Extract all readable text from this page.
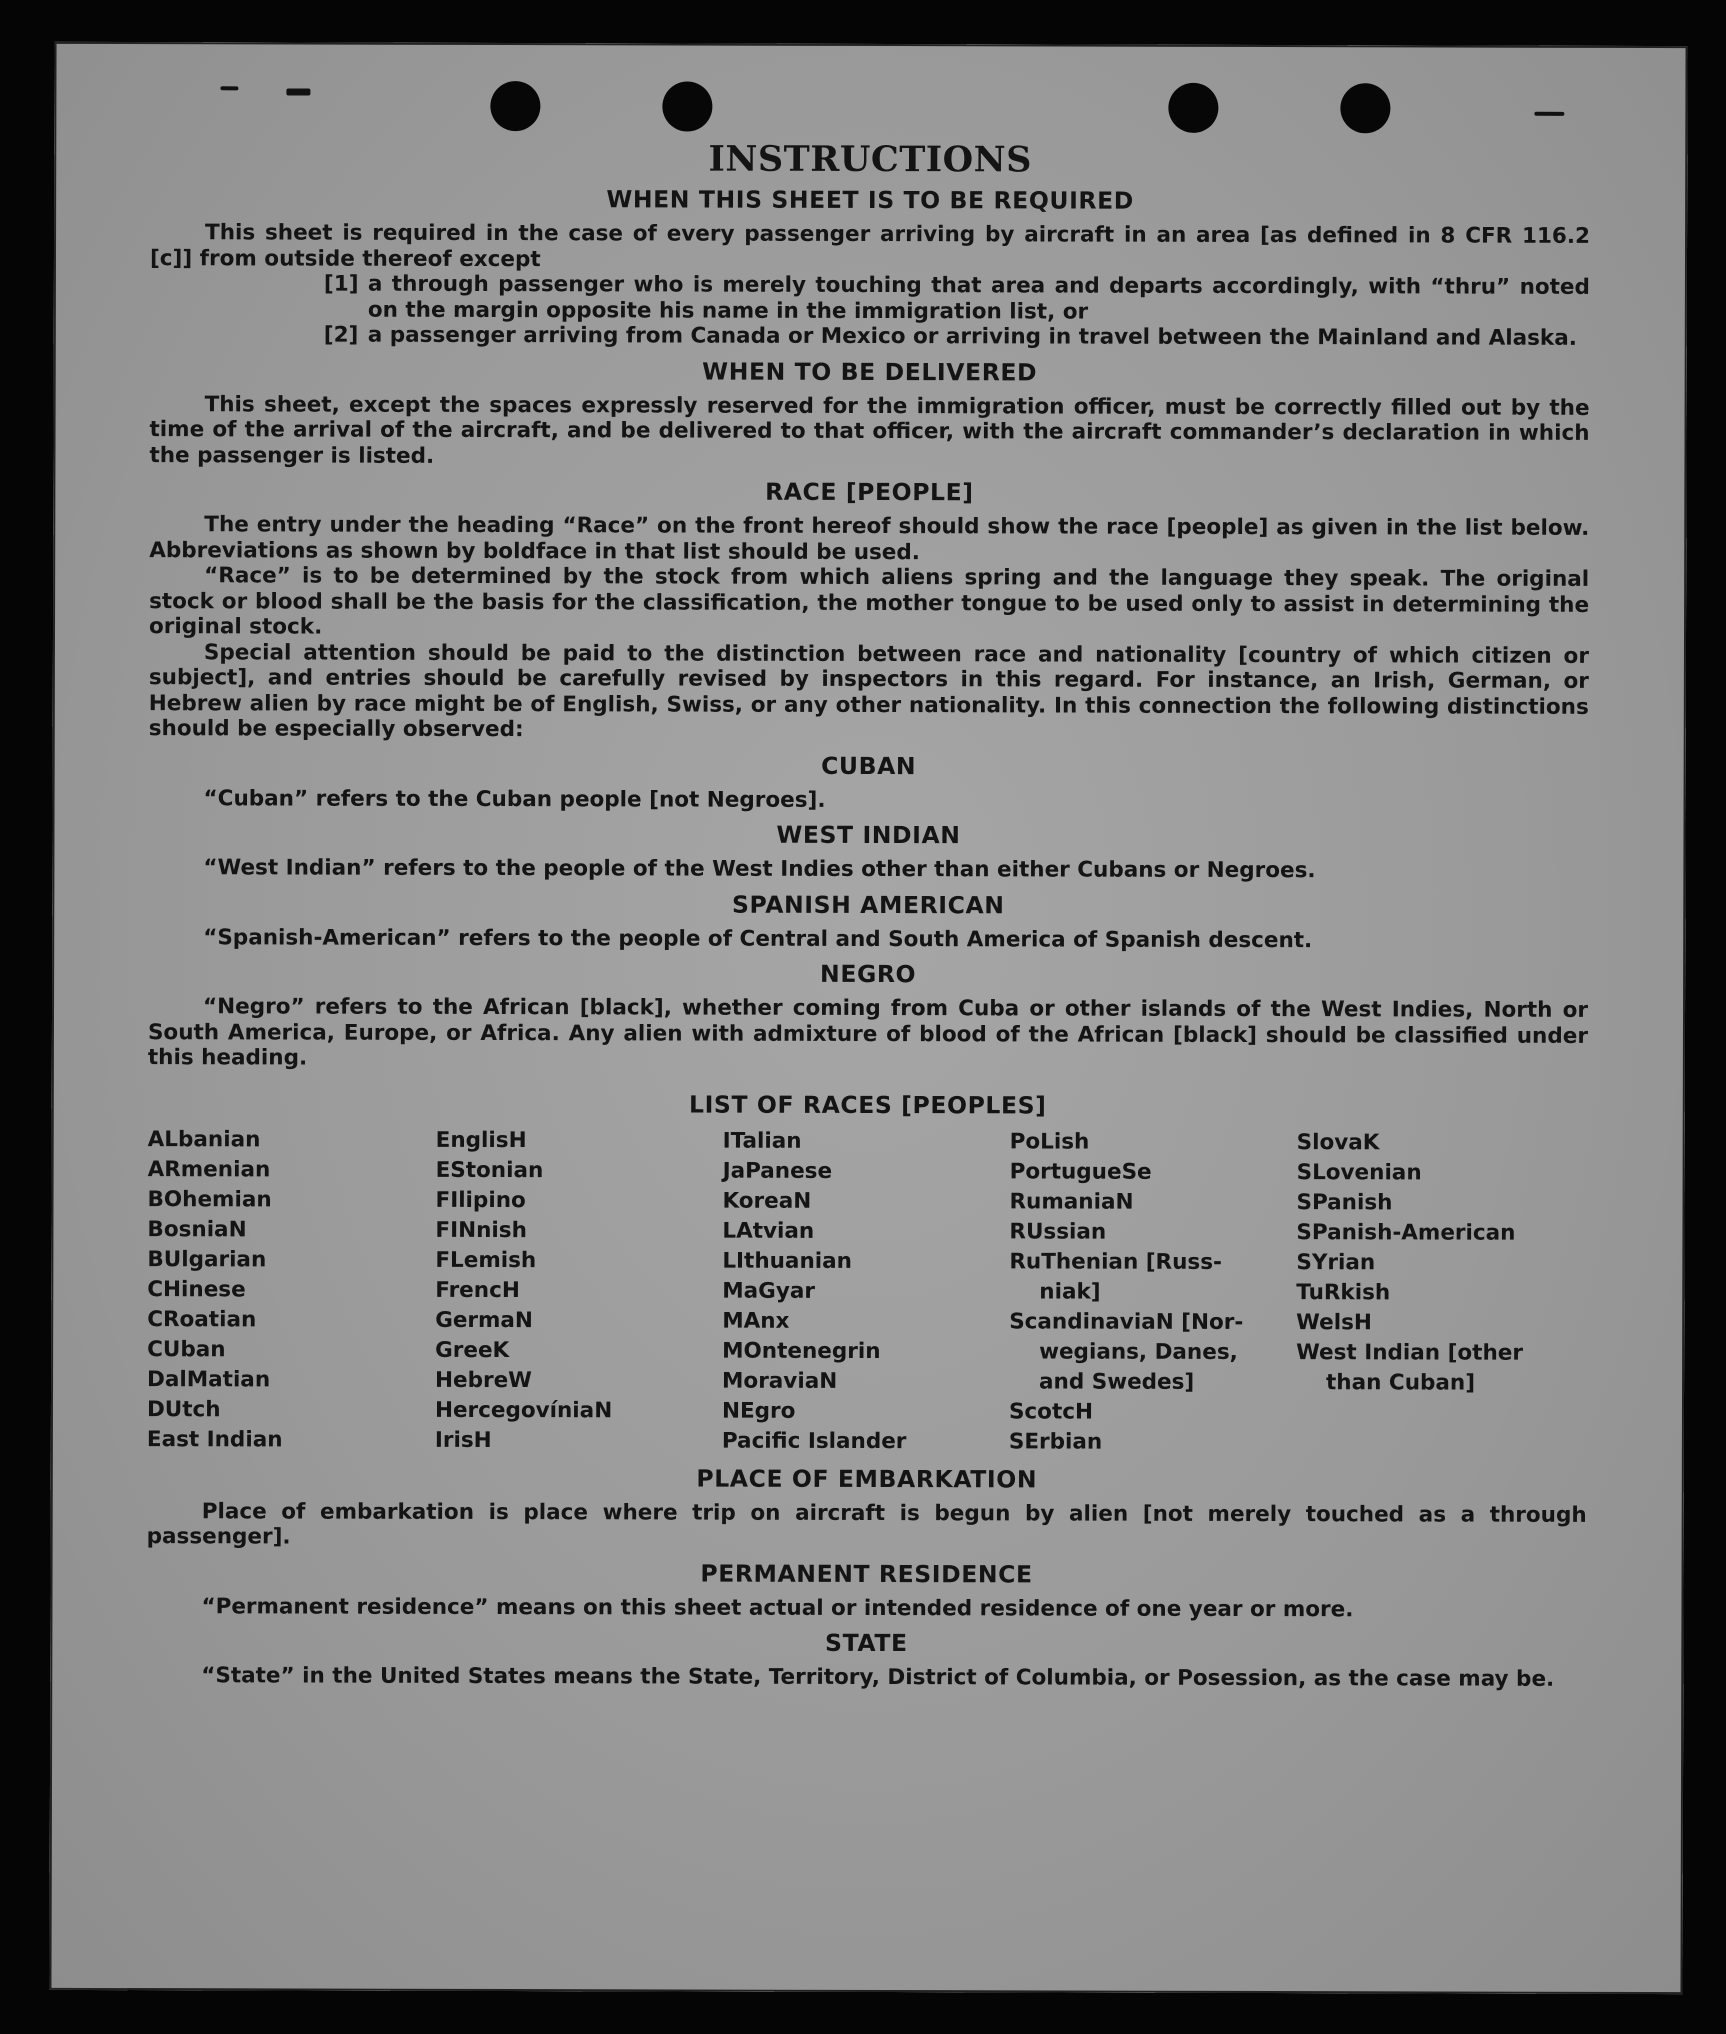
INSTRUCTIONS
WHEN THIS SHEET IS TO BE REQUIRED

This sheet is required in the case of every passenger arriving by aircraft in an area [as defined in 8 CFR 116.2 [c]] from outside thereof except

[1] a through passenger who is merely touching that area and departs accordingly, with “thru” noted on the margin opposite his name in the immigration list, or
[2] a passenger arriving from Canada or Mexico or arriving in travel between the Mainland and Alaska.
WHEN TO BE DELIVERED

This sheet, except the spaces expressly reserved for the immigration officer, must be correctly filled out by the time of the arrival of the aircraft, and be delivered to that officer, with the aircraft commander’s declaration in which the passenger is listed.

RACE [PEOPLE]

The entry under the heading “Race” on the front hereof should show the race [people] as given in the list below. Abbreviations as shown by boldface in that list should be used.

“Race” is to be determined by the stock from which aliens spring and the language they speak. The original stock or blood shall be the basis for the classification, the mother tongue to be used only to assist in determining the original stock.

Special attention should be paid to the distinction between race and nationality [country of which citizen or subject], and entries should be carefully revised by inspectors in this regard. For instance, an Irish, German, or Hebrew alien by race might be of English, Swiss, or any other nationality. In this connection the following distinctions should be especially observed:

CUBAN

“Cuban” refers to the Cuban people [not Negroes].

WEST INDIAN

“West Indian” refers to the people of the West Indies other than either Cubans or Negroes.

SPANISH AMERICAN

“Spanish-American” refers to the people of Central and South America of Spanish descent.

NEGRO

“Negro” refers to the African [black], whether coming from Cuba or other islands of the West Indies, North or South America, Europe, or Africa. Any alien with admixture of blood of the African [black] should be classified under this heading.

LIST OF RACES [PEOPLES]
ALbanian
ARmenian
BOhemian
BosniaN
BUlgarian
CHinese
CRoatian
CUban
DalMatian
DUtch
East Indian
EnglisH
EStonian
FIlipino
FINnish
FLemish
FrencH
GermaN
GreeK
HebreW
HercegovíniaN
IrisH
ITalian
JaPanese
KoreaN
LAtvian
LIthuanian
MaGyar
MAnx
MOntenegrin
MoraviaN
NEgro
Pacific Islander
PoLish
PortugueSe
RumaniaN
RUssian
RuThenian [Russ-
niak]
ScandinaviaN [Nor-
wegians, Danes,
and Swedes]
ScotcH
SErbian
SlovaK
SLovenian
SPanish
SPanish-American
SYrian
TuRkish
WelsH
West Indian [other
than Cuban]
PLACE OF EMBARKATION

Place of embarkation is place where trip on aircraft is begun by alien [not merely touched as a through passenger].

PERMANENT RESIDENCE

“Permanent residence” means on this sheet actual or intended residence of one year or more.

STATE

“State” in the United States means the State, Territory, District of Columbia, or Posession, as the case may be.
